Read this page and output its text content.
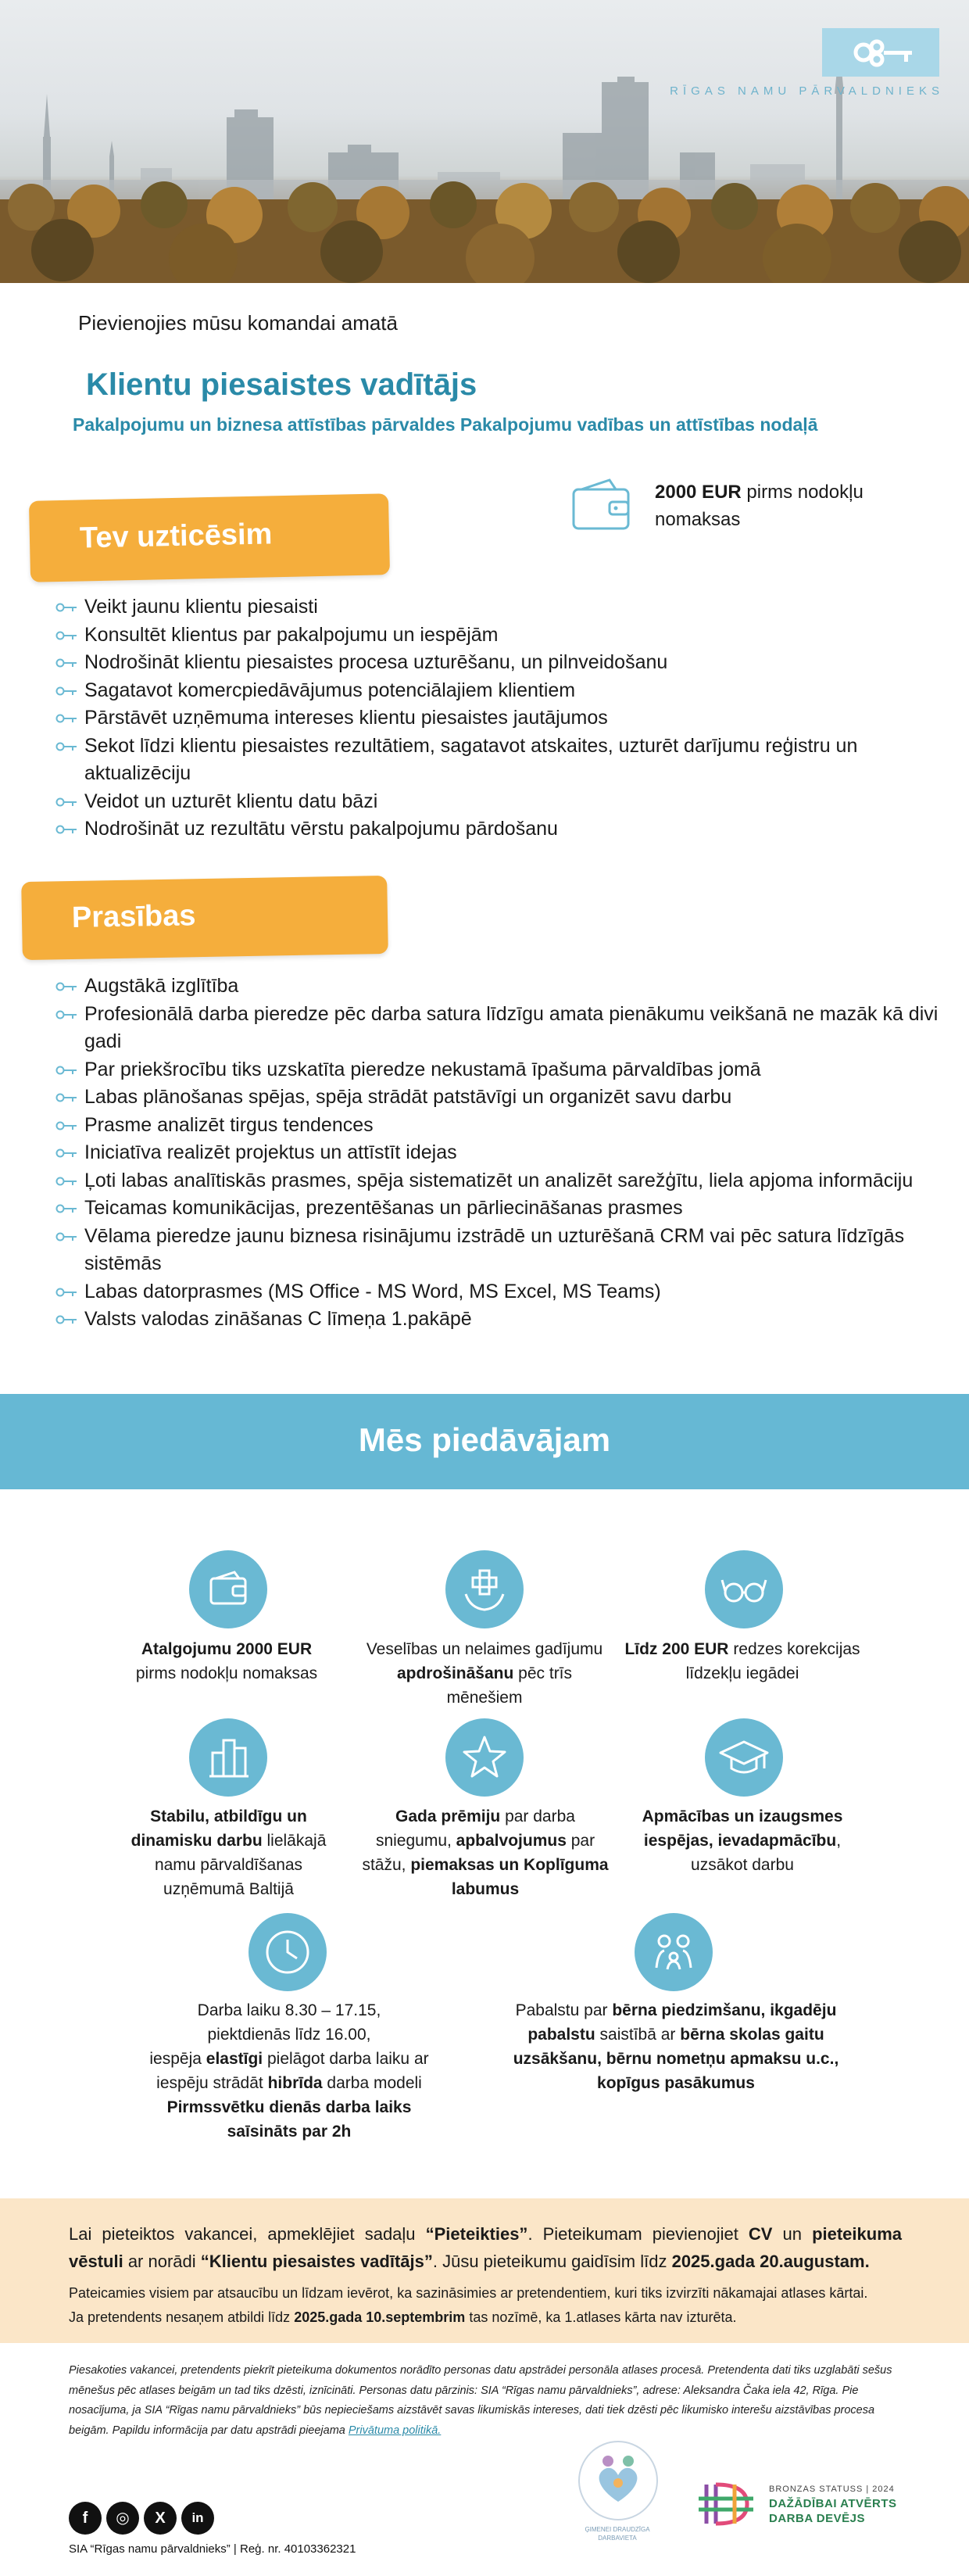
RĪGAS NAMU PĀRVALDNIEKS
Pievienojies mūsu komandai amatā
Klientu piesaistes vadītājs
Pakalpojumu un biznesa attīstības pārvaldes Pakalpojumu vadības un attīstības nodaļā
2000 EUR pirms nodokļu nomaksas
Tev uzticēsim
Veikt jaunu klientu piesaisti
Konsultēt klientus par pakalpojumu un iespējām
Nodrošināt klientu piesaistes procesa uzturēšanu, un pilnveidošanu
Sagatavot komercpiedāvājumus potenciālajiem klientiem
Pārstāvēt uzņēmuma intereses klientu piesaistes jautājumos
Sekot līdzi klientu piesaistes rezultātiem, sagatavot atskaites, uzturēt darījumu reģistru un aktualizēciju
Veidot un uzturēt klientu datu bāzi
Nodrošināt uz rezultātu vērstu pakalpojumu pārdošanu
Prasības
Augstākā izglītība
Profesionālā darba pieredze pēc darba satura līdzīgu amata pienākumu veikšanā ne mazāk kā divi gadi
Par priekšrocību tiks uzskatīta pieredze nekustamā īpašuma pārvaldības jomā
Labas plānošanas spējas, spēja strādāt patstāvīgi un organizēt savu darbu
Prasme analizēt tirgus tendences
Iniciatīva realizēt projektus un attīstīt idejas
Ļoti labas analītiskās prasmes, spēja sistematizēt un analizēt sarežģītu, liela apjoma informāciju
Teicamas komunikācijas, prezentēšanas un pārliecināšanas prasmes
Vēlama pieredze jaunu biznesa risinājumu izstrādē un uzturēšanā CRM vai pēc satura līdzīgās sistēmās
Labas datorprasmes (MS Office - MS Word, MS Excel, MS Teams)
Valsts valodas zināšanas C līmeņa 1.pakāpē
Mēs piedāvājam
Atalgojumu 2000 EUR
pirms nodokļu nomaksas
Veselības un nelaimes gadījumu apdrošināšanu pēc trīs mēnešiem
Līdz 200 EUR redzes korekcijas līdzekļu iegādei
Stabilu, atbildīgu un dinamisku darbu lielākajā namu pārvaldīšanas uzņēmumā Baltijā
Gada prēmiju par darba sniegumu, apbalvojumus par stāžu, piemaksas un Koplīguma labumus
Apmācības un izaugsmes iespējas, ievadapmācību, uzsākot darbu
Darba laiku 8.30 – 17.15,
piektdienās līdz 16.00,
iespēja elastīgi pielāgot darba laiku ar iespēju strādāt hibrīda darba modeli
Pirmssvētku dienās darba laiks saīsināts par 2h
Pabalstu par bērna piedzimšanu, ikgadēju pabalstu saistībā ar bērna skolas gaitu uzsākšanu, bērnu nometņu apmaksu u.c., kopīgus pasākumus
Lai pieteiktos vakancei, apmeklējiet sadaļu “Pieteikties”. Pieteikumam pievienojiet CV un pieteikuma vēstuli ar norādi “Klientu piesaistes vadītājs”. Jūsu pieteikumu gaidīsim līdz 2025.gada 20.augustam.
Pateicamies visiem par atsaucību un līdzam ievērot, ka sazināsimies ar pretendentiem, kuri tiks izvirzīti nākamajai atlases kārtai.
Ja pretendents nesaņem atbildi līdz 2025.gada 10.septembrim tas nozīmē, ka 1.atlases kārta nav izturēta.
Piesakoties vakancei, pretendents piekrīt pieteikuma dokumentos norādīto personas datu apstrādei personāla atlases procesā. Pretendenta dati tiks uzglabāti sešus mēnešus pēc atlases beigām un tad tiks dzēsti, iznīcināti. Personas datu pārzinis: SIA “Rīgas namu pārvaldnieks”, adrese: Aleksandra Čaka iela 42, Rīga. Pie nosacījuma, ja SIA “Rīgas namu pārvaldnieks” būs nepieciešams aizstāvēt savas likumiskās intereses, dati tiek dzēsti pēc likumisko interešu aizstāvības procesa beigām. Papildu informācija par datu apstrādi pieejama Privātuma politikā.
f	◎	X	in
SIA “Rīgas namu pārvaldnieks” | Reģ. nr. 40103362321
ĢIMENEI DRAUDZĪGA DARBAVIETA
BRONZAS STATUSS | 2024
DAŽĀDĪBAI ATVĒRTS
DARBA DEVĒJS
